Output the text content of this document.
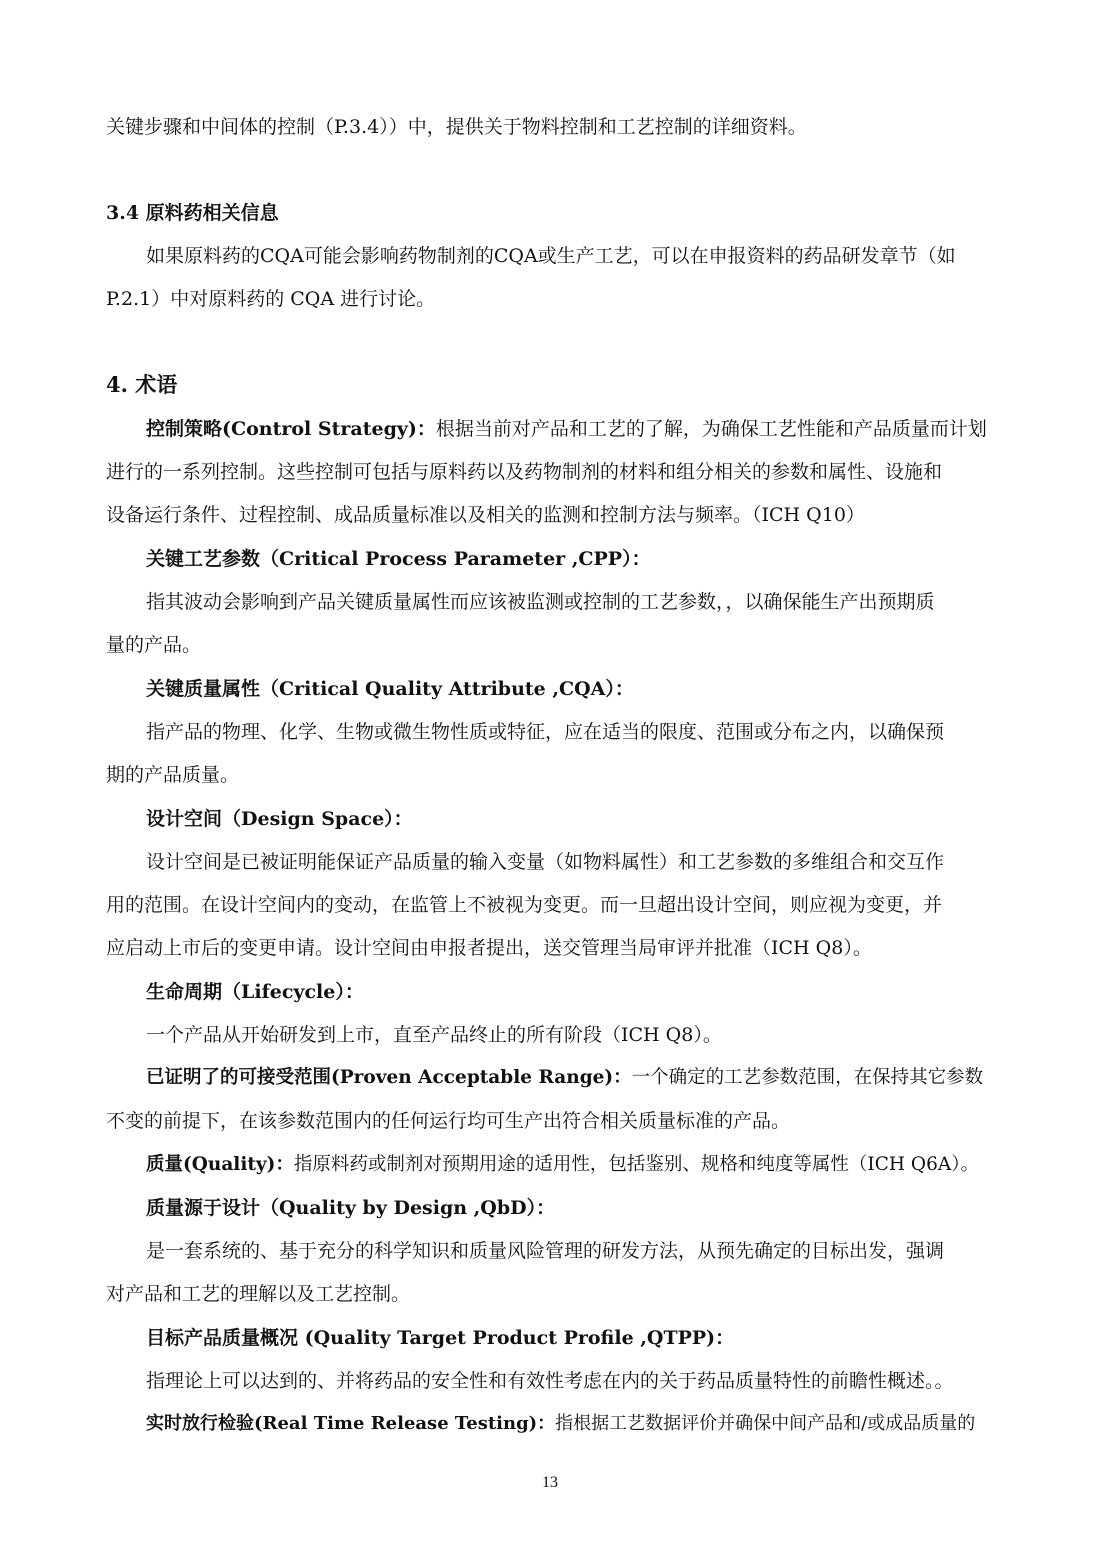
关键步骤和中间体的控制（P.3.4））中，提供关于物料控制和工艺控制的详细资料。
3.4 原料药相关信息
如果原料药的CQA可能会影响药物制剂的CQA或生产工艺，可以在申报资料的药品研发章节（如
P.2.1）中对原料药的 CQA 进行讨论。
4. 术语
控制策略(Control Strategy)：根据当前对产品和工艺的了解，为确保工艺性能和产品质量而计划
进行的一系列控制。这些控制可包括与原料药以及药物制剂的材料和组分相关的参数和属性、设施和
设备运行条件、过程控制、成品质量标准以及相关的监测和控制方法与频率。（ICH Q10）
关键工艺参数（Critical Process Parameter ,CPP）：
指其波动会影响到产品关键质量属性而应该被监测或控制的工艺参数，，以确保能生产出预期质
量的产品。
关键质量属性（Critical Quality Attribute ,CQA）：
指产品的物理、化学、生物或微生物性质或特征，应在适当的限度、范围或分布之内，以确保预
期的产品质量。
设计空间（Design Space）：
设计空间是已被证明能保证产品质量的输入变量（如物料属性）和工艺参数的多维组合和交互作
用的范围。在设计空间内的变动，在监管上不被视为变更。而一旦超出设计空间，则应视为变更，并
应启动上市后的变更申请。设计空间由申报者提出，送交管理当局审评并批准（ICH Q8）。
生命周期（Lifecycle）：
一个产品从开始研发到上市，直至产品终止的所有阶段（ICH Q8）。
已证明了的可接受范围(Proven Acceptable Range)：一个确定的工艺参数范围，在保持其它参数
不变的前提下，在该参数范围内的任何运行均可生产出符合相关质量标准的产品。
质量(Quality)：指原料药或制剂对预期用途的适用性，包括鉴别、规格和纯度等属性（ICH Q6A）。
质量源于设计（Quality by Design ,QbD）：
是一套系统的、基于充分的科学知识和质量风险管理的研发方法，从预先确定的目标出发，强调
对产品和工艺的理解以及工艺控制。
目标产品质量概况 (Quality Target Product Profile ,QTPP)：
指理论上可以达到的、并将药品的安全性和有效性考虑在内的关于药品质量特性的前瞻性概述。。
实时放行检验(Real Time Release Testing)：指根据工艺数据评价并确保中间产品和/或成品质量的
13
